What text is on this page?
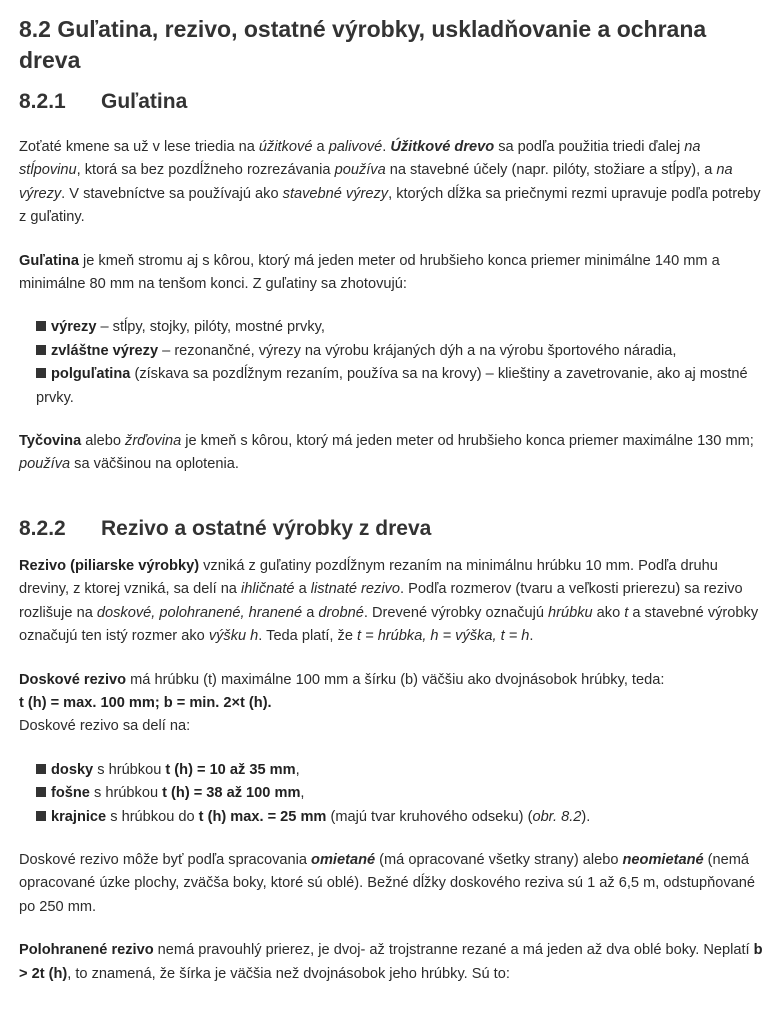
8.2 Guľatina, rezivo, ostatné výrobky, uskladňovanie a ochrana dreva
8.2.1 Guľatina

Zoťaté kmene sa už v lese triedia na úžitkové a palivové. Úžitkové drevo sa podľa použitia triedi ďalej na stĺpovinu, ktorá sa bez pozdĺžneho rozrezávania používa na stavebné účely (napr. pilóty, stožiare a stĺpy), a na výrezy. V stavebníctve sa používajú ako stavebné výrezy, ktorých dĺžka sa priečnymi rezmi upravuje podľa potreby z guľatiny.

Guľatina je kmeň stromu aj s kôrou, ktorý má jeden meter od hrubšieho konca priemer minimálne 140 mm a minimálne 80 mm na tenšom konci. Z guľatiny sa zhotovujú:

výrezy – stĺpy, stojky, pilóty, mostné prvky,
zvláštne výrezy – rezonančné, výrezy na výrobu krájaných dýh a na výrobu športového náradia,
polguľatina (získava sa pozdĺžnym rezaním, používa sa na krovy) – klieštiny a zavetrovanie, ako aj mostné prvky.

Tyčovina alebo žrďovina je kmeň s kôrou, ktorý má jeden meter od hrubšieho konca priemer maximálne 130 mm; používa sa väčšinou na oplotenia.

8.2.2 Rezivo a ostatné výrobky z dreva

Rezivo (piliarske výrobky) vzniká z guľatiny pozdĺžnym rezaním na minimálnu hrúbku 10 mm. Podľa druhu dreviny, z ktorej vzniká, sa delí na ihličnaté a listnaté rezivo. Podľa rozmerov (tvaru a veľkosti prierezu) sa rezivo rozlišuje na doskové, polohranené, hranené a drobné. Drevené výrobky označujú hrúbku ako t a stavebné výrobky označujú ten istý rozmer ako výšku h. Teda platí, že t = hrúbka, h = výška, t = h.

Doskové rezivo má hrúbku (t) maximálne 100 mm a šírku (b) väčšiu ako dvojnásobok hrúbky, teda:
t (h) = max. 100 mm; b = min. 2×t (h).
Doskové rezivo sa delí na:

dosky s hrúbkou t (h) = 10 až 35 mm,
fošne s hrúbkou t (h) = 38 až 100 mm,
krajnice s hrúbkou do t (h) max. = 25 mm (majú tvar kruhového odseku) (obr. 8.2).

Doskové rezivo môže byť podľa spracovania omietané (má opracované všetky strany) alebo neomietané (nemá opracované úzke plochy, zväčša boky, ktoré sú oblé). Bežné dĺžky doskového reziva sú 1 až 6,5 m, odstupňované po 250 mm.

Polohranené rezivo nemá pravouhlý prierez, je dvoj- až trojstranne rezané a má jeden až dva oblé boky. Neplatí b > 2t (h), to znamená, že šírka je väčšia než dvojnásobok jeho hrúbky. Sú to:
